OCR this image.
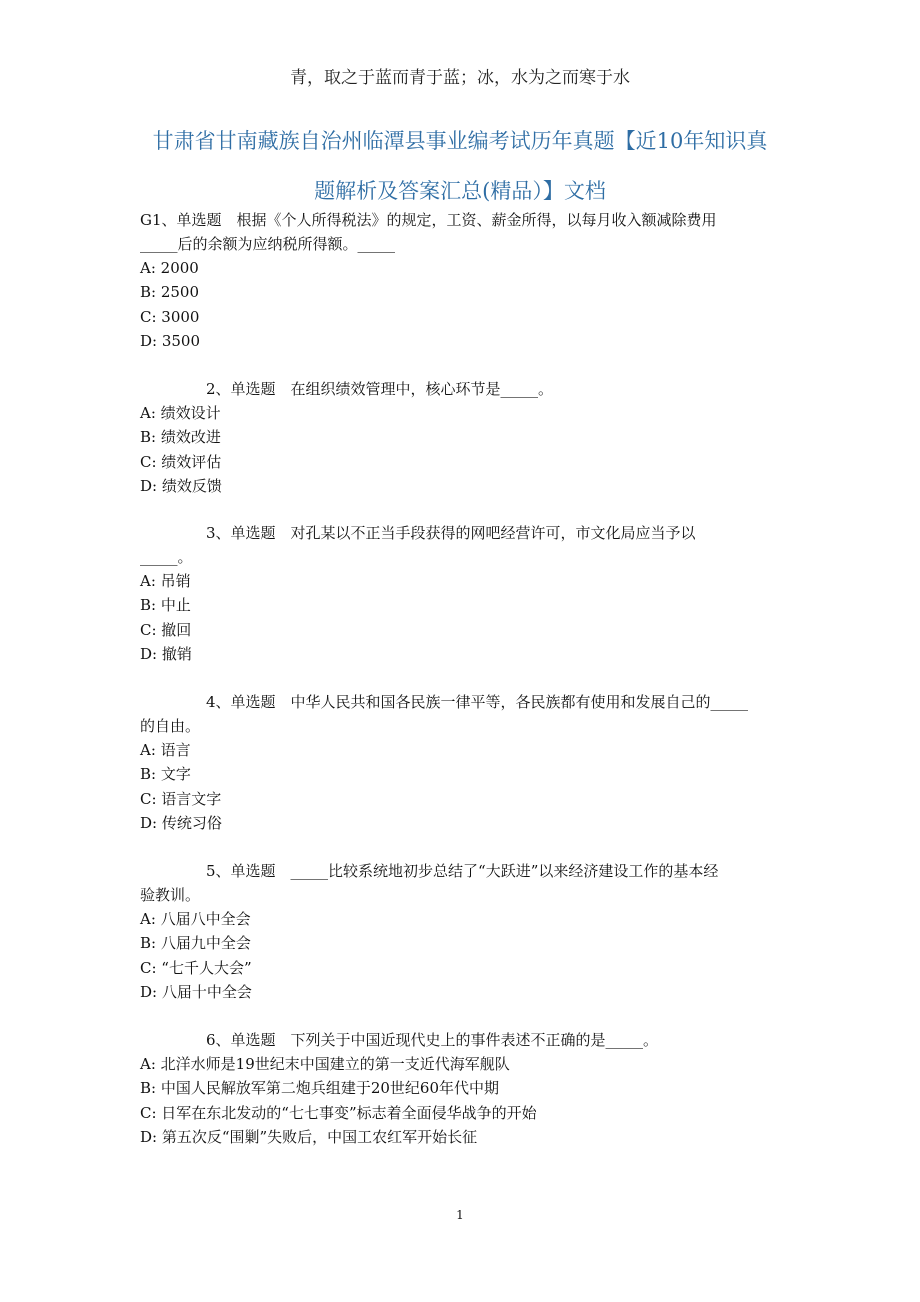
青，取之于蓝而青于蓝；冰，水为之而寒于水
甘肃省甘南藏族自治州临潭县事业编考试历年真题【近10年知识真
题解析及答案汇总(精品）】文档
G1、单选题　根据《个人所得税法》的规定，工资、薪金所得，以每月收入额减除费用
_____后的余额为应纳税所得额。_____
A: 2000
B: 2500
C: 3000
D: 3500
2、单选题　在组织绩效管理中，核心环节是_____。
A: 绩效设计
B: 绩效改进
C: 绩效评估
D: 绩效反馈
3、单选题　对孔某以不正当手段获得的网吧经营许可，市文化局应当予以
_____。
A: 吊销
B: 中止
C: 撤回
D: 撤销
4、单选题　中华人民共和国各民族一律平等，各民族都有使用和发展自己的_____
的自由。
A: 语言
B: 文字
C: 语言文字
D: 传统习俗
5、单选题　_____比较系统地初步总结了“大跃进”以来经济建设工作的基本经
验教训。
A: 八届八中全会
B: 八届九中全会
C: “七千人大会”
D: 八届十中全会
6、单选题　下列关于中国近现代史上的事件表述不正确的是_____。
A: 北洋水师是19世纪末中国建立的第一支近代海军舰队
B: 中国人民解放军第二炮兵组建于20世纪60年代中期
C: 日军在东北发动的“七七事变”标志着全面侵华战争的开始
D: 第五次反“围剿”失败后，中国工农红军开始长征
1
